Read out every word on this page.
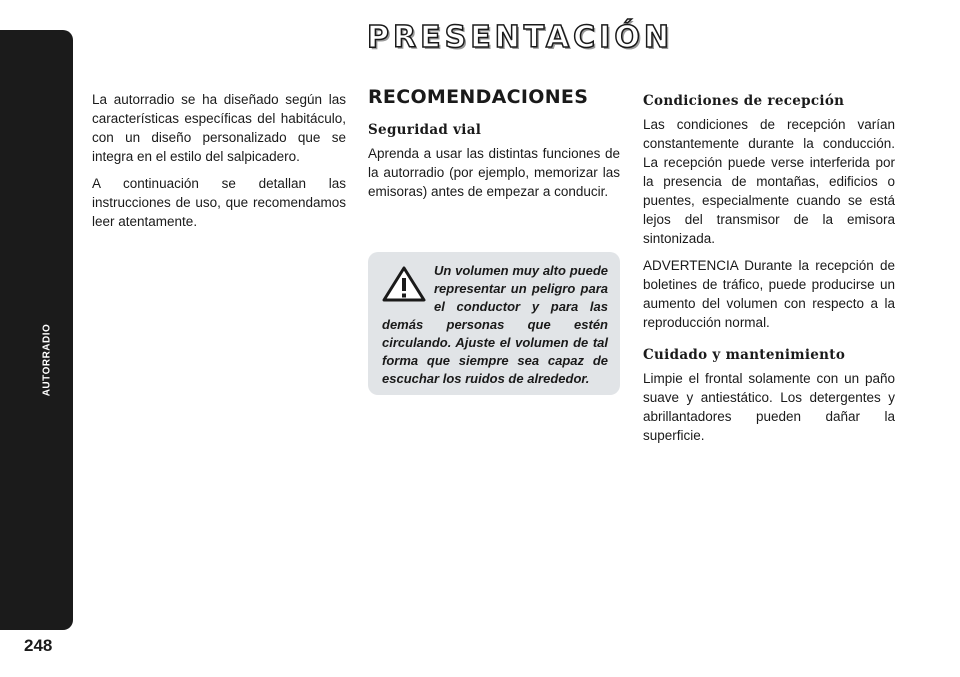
AUTORRADIO
PRESENTACIÓN

La autorradio se ha diseñado según las características específicas del habitáculo, con un diseño personalizado que se integra en el estilo del salpicadero.

A continuación se detallan las instrucciones de uso, que recomendamos leer atentamente.

RECOMENDACIONES
Seguridad vial

Aprenda a usar las distintas funciones de la autorradio (por ejemplo, memorizar las emisoras) antes de empezar a conducir.

Un volumen muy alto puede representar un peligro para el conductor y para las demás personas que estén circulando. Ajuste el volumen de tal forma que siempre sea capaz de escuchar los ruidos de alrededor.

Condiciones de recepción

Las condiciones de recepción varían constantemente durante la conducción. La recepción puede verse interferida por la presencia de montañas, edificios o puentes, especialmente cuando se está lejos del transmisor de la emisora sintonizada.

ADVERTENCIA Durante la recepción de boletines de tráfico, puede producirse un aumento del volumen con respecto a la reproducción normal.

Cuidado y mantenimiento

Limpie el frontal solamente con un paño suave y antiestático. Los detergentes y abrillantadores pueden dañar la superficie.

248
